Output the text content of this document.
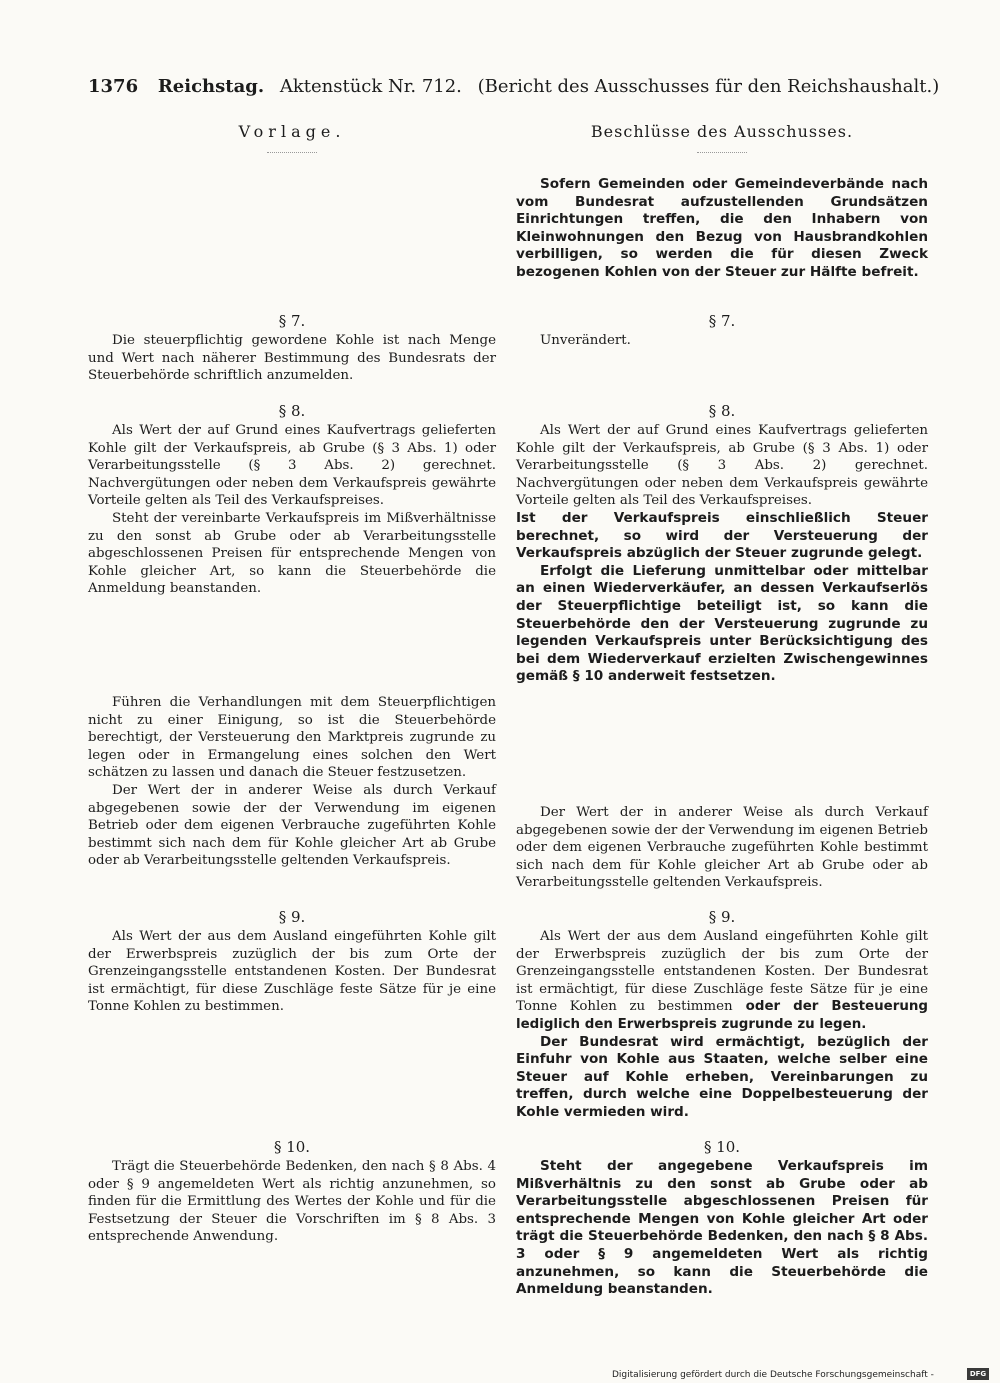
1376 Reichstag. Aktenstück Nr. 712. (Bericht des Ausschusses für den Reichshaushalt.)
Vorlage.
§ 7.

Die steuerpflichtig gewordene Kohle ist nach Menge und Wert nach näherer Bestimmung des Bundesrats der Steuerbehörde schriftlich anzumelden.

§ 8.

Als Wert der auf Grund eines Kaufvertrags gelieferten Kohle gilt der Verkaufspreis, ab Grube (§ 3 Abs. 1) oder Verarbeitungsstelle (§ 3 Abs. 2) gerechnet. Nachvergütungen oder neben dem Verkaufspreis gewährte Vorteile gelten als Teil des Verkaufspreises.

Steht der vereinbarte Verkaufspreis im Mißverhältnisse zu den sonst ab Grube oder ab Verarbeitungsstelle abgeschlossenen Preisen für entsprechende Mengen von Kohle gleicher Art, so kann die Steuerbehörde die Anmeldung beanstanden.

Führen die Verhandlungen mit dem Steuerpflichtigen nicht zu einer Einigung, so ist die Steuerbehörde berechtigt, der Versteuerung den Marktpreis zugrunde zu legen oder in Ermangelung eines solchen den Wert schätzen zu lassen und danach die Steuer festzusetzen.

Der Wert der in anderer Weise als durch Verkauf abgegebenen sowie der der Verwendung im eigenen Betrieb oder dem eigenen Verbrauche zugeführten Kohle bestimmt sich nach dem für Kohle gleicher Art ab Grube oder ab Verarbeitungsstelle geltenden Verkaufspreis.

§ 9.

Als Wert der aus dem Ausland eingeführten Kohle gilt der Erwerbspreis zuzüglich der bis zum Orte der Grenzeingangsstelle entstandenen Kosten. Der Bundesrat ist ermächtigt, für diese Zuschläge feste Sätze für je eine Tonne Kohlen zu bestimmen.

§ 10.

Trägt die Steuerbehörde Bedenken, den nach § 8 Abs. 4 oder § 9 angemeldeten Wert als richtig anzunehmen, so finden für die Ermittlung des Wertes der Kohle und für die Festsetzung der Steuer die Vorschriften im § 8 Abs. 3 entsprechende Anwendung.

Beschlüsse des Ausschusses.

Sofern Gemeinden oder Gemeindeverbände nach vom Bundesrat aufzustellenden Grundsätzen Einrichtungen treffen, die den Inhabern von Kleinwohnungen den Bezug von Hausbrandkohlen verbilligen, so werden die für diesen Zweck bezogenen Kohlen von der Steuer zur Hälfte befreit.

§ 7.

Unverändert.

§ 8.

Als Wert der auf Grund eines Kaufvertrags gelieferten Kohle gilt der Verkaufspreis, ab Grube (§ 3 Abs. 1) oder Verarbeitungsstelle (§ 3 Abs. 2) gerechnet. Nachvergütungen oder neben dem Verkaufspreis gewährte Vorteile gelten als Teil des Verkaufspreises.

Ist der Verkaufspreis einschließlich Steuer berechnet, so wird der Versteuerung der Verkaufspreis abzüglich der Steuer zugrunde gelegt.

Erfolgt die Lieferung unmittelbar oder mittelbar an einen Wiederverkäufer, an dessen Verkaufserlös der Steuerpflichtige beteiligt ist, so kann die Steuerbehörde den der Versteuerung zugrunde zu legenden Verkaufspreis unter Berücksichtigung des bei dem Wiederverkauf erzielten Zwischengewinnes gemäß § 10 anderweit festsetzen.

Der Wert der in anderer Weise als durch Verkauf abgegebenen sowie der der Verwendung im eigenen Betrieb oder dem eigenen Verbrauche zugeführten Kohle bestimmt sich nach dem für Kohle gleicher Art ab Grube oder ab Verarbeitungsstelle geltenden Verkaufspreis.

§ 9.

Als Wert der aus dem Ausland eingeführten Kohle gilt der Erwerbspreis zuzüglich der bis zum Orte der Grenzeingangsstelle entstandenen Kosten. Der Bundesrat ist ermächtigt, für diese Zuschläge feste Sätze für je eine Tonne Kohlen zu bestimmen oder der Besteuerung lediglich den Erwerbspreis zugrunde zu legen.

Der Bundesrat wird ermächtigt, bezüglich der Einfuhr von Kohle aus Staaten, welche selber eine Steuer auf Kohle erheben, Vereinbarungen zu treffen, durch welche eine Doppelbesteuerung der Kohle vermieden wird.

§ 10.

Steht der angegebene Verkaufspreis im Mißverhältnis zu den sonst ab Grube oder ab Verarbeitungsstelle abgeschlossenen Preisen für entsprechende Mengen von Kohle gleicher Art oder trägt die Steuerbehörde Bedenken, den nach § 8 Abs. 3 oder § 9 angemeldeten Wert als richtig anzunehmen, so kann die Steuerbehörde die Anmeldung beanstanden.

Digitalisierung gefördert durch die Deutsche Forschungsgemeinschaft -	DFG
